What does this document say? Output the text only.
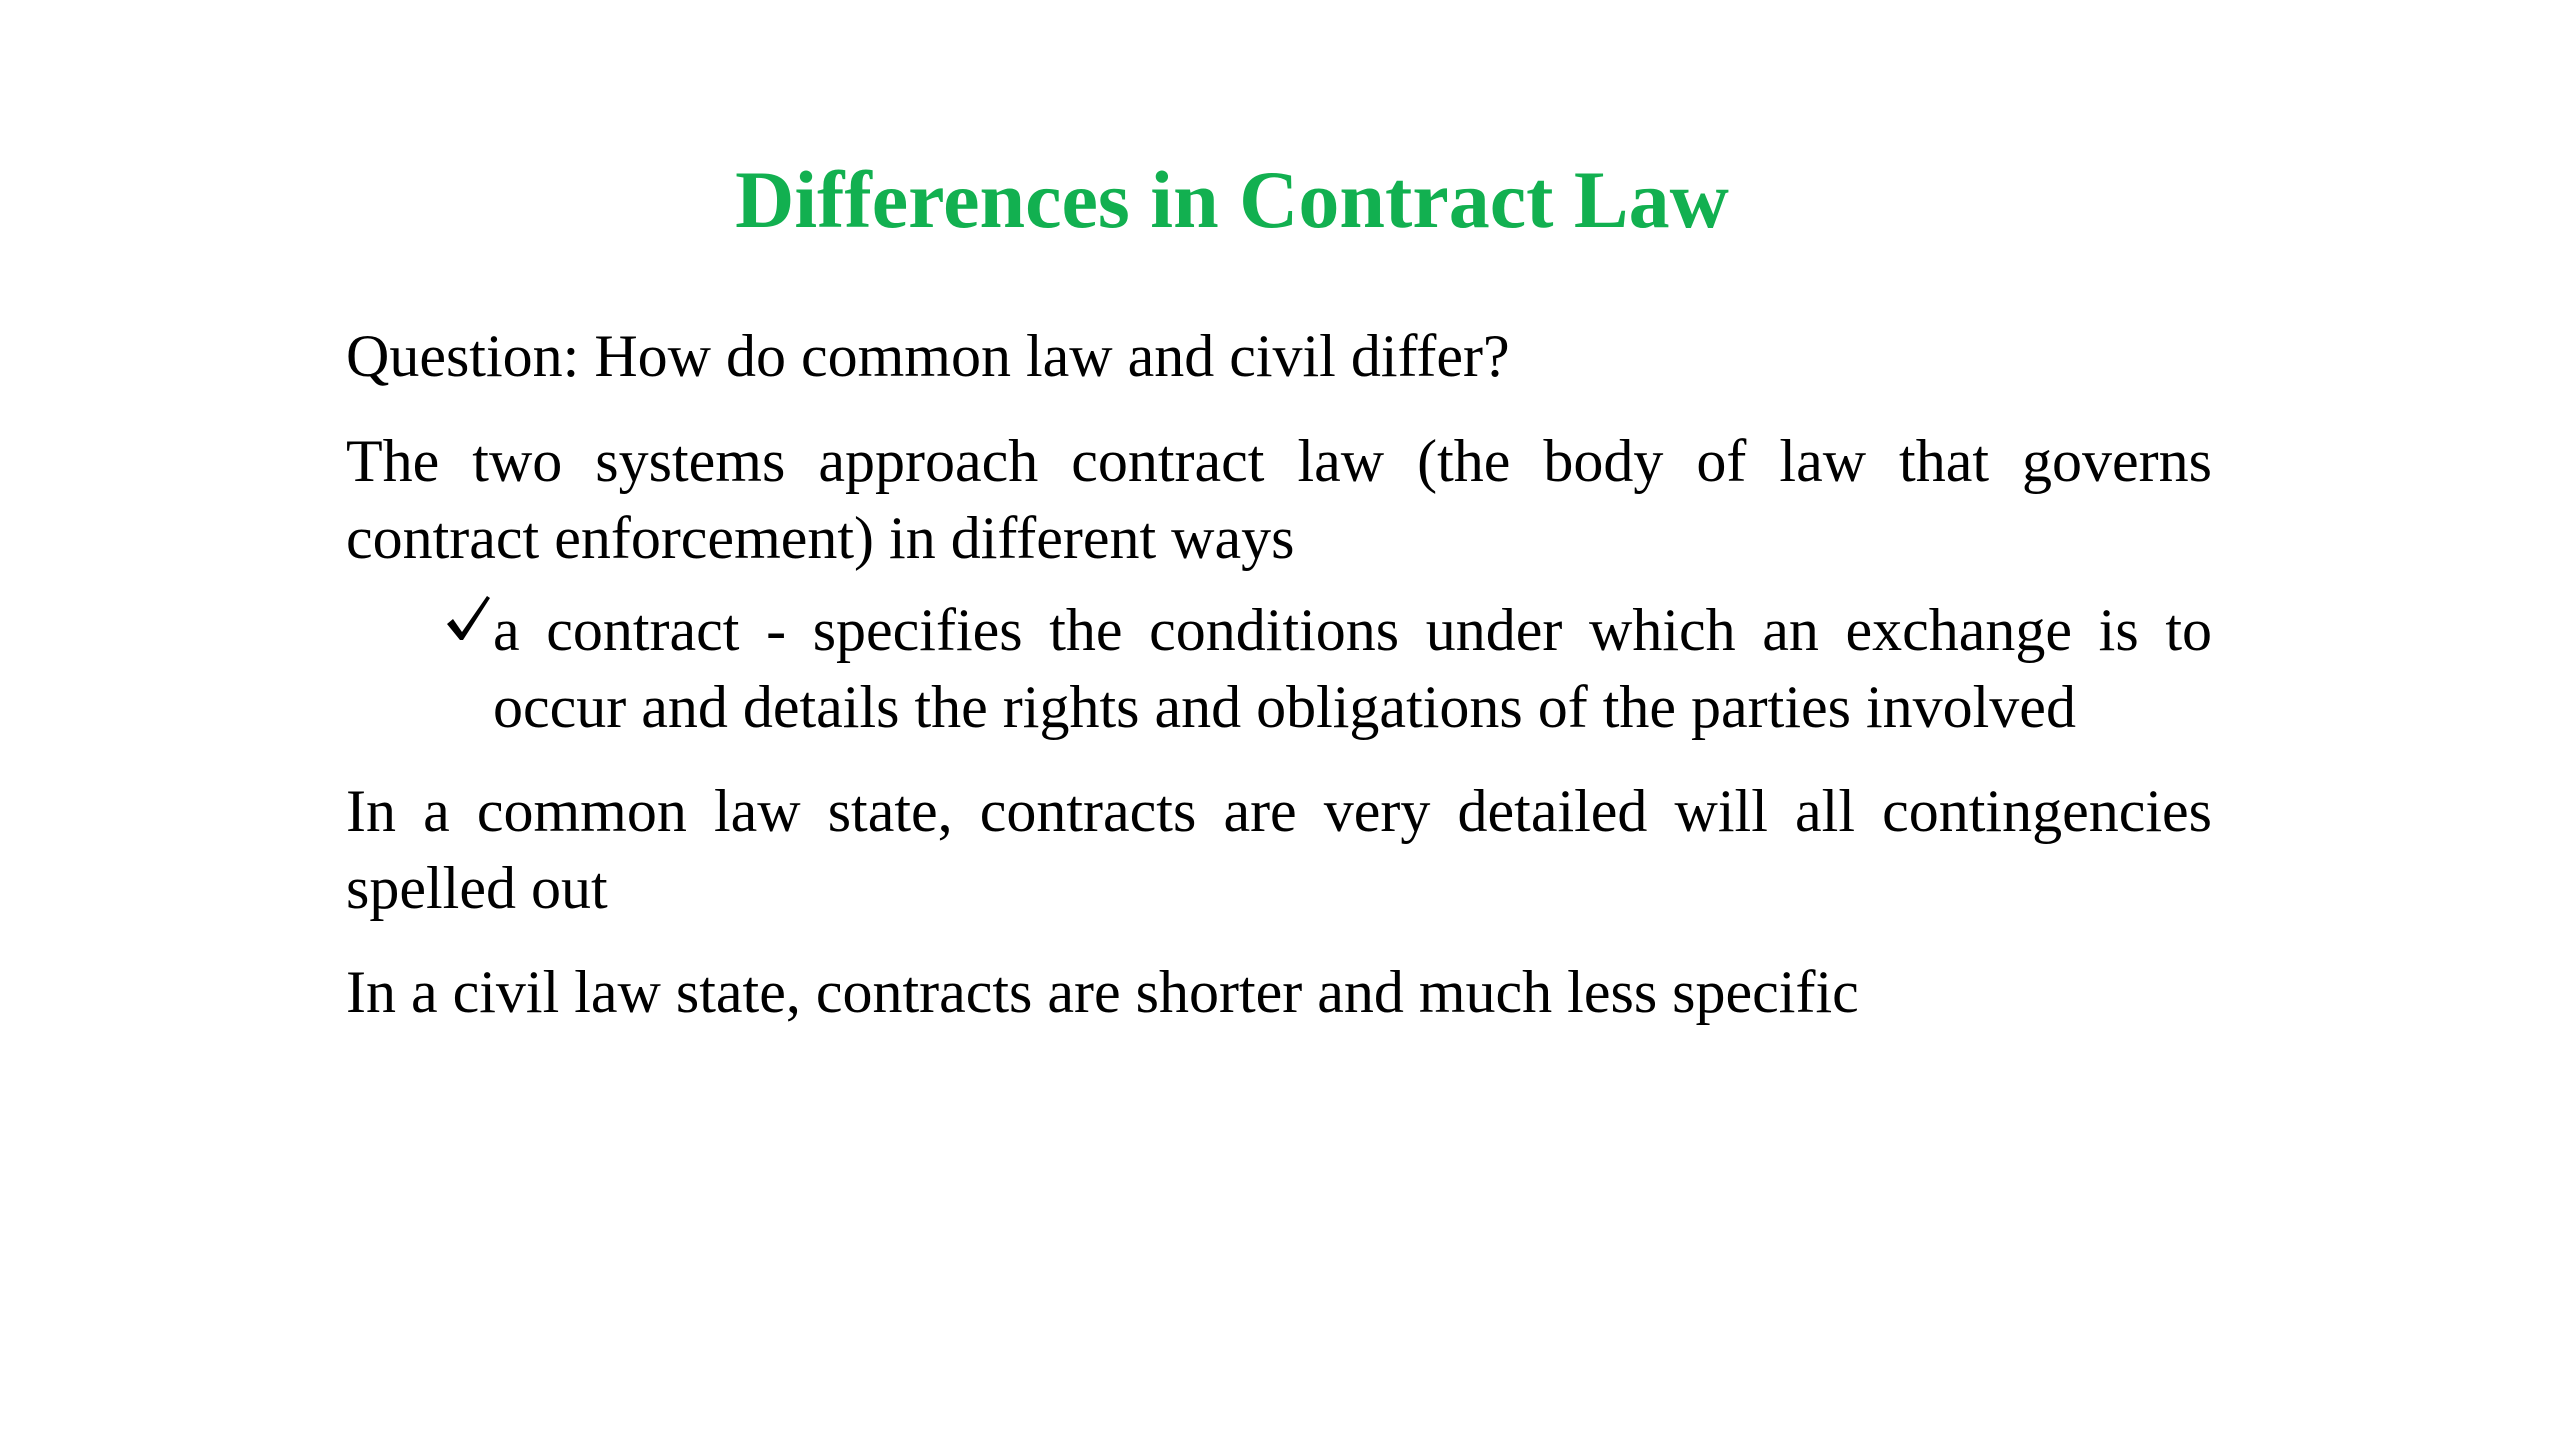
Differences in Contract Law

Question: How do common law and civil differ?

The two systems approach contract law (the body of law that governs contract enforcement) in different ways

a contract - specifies the conditions under which an exchange is to occur and details the rights and obligations of the parties involved

In a common law state, contracts are very detailed will all contingencies spelled out

In a civil law state, contracts are shorter and much less specific
